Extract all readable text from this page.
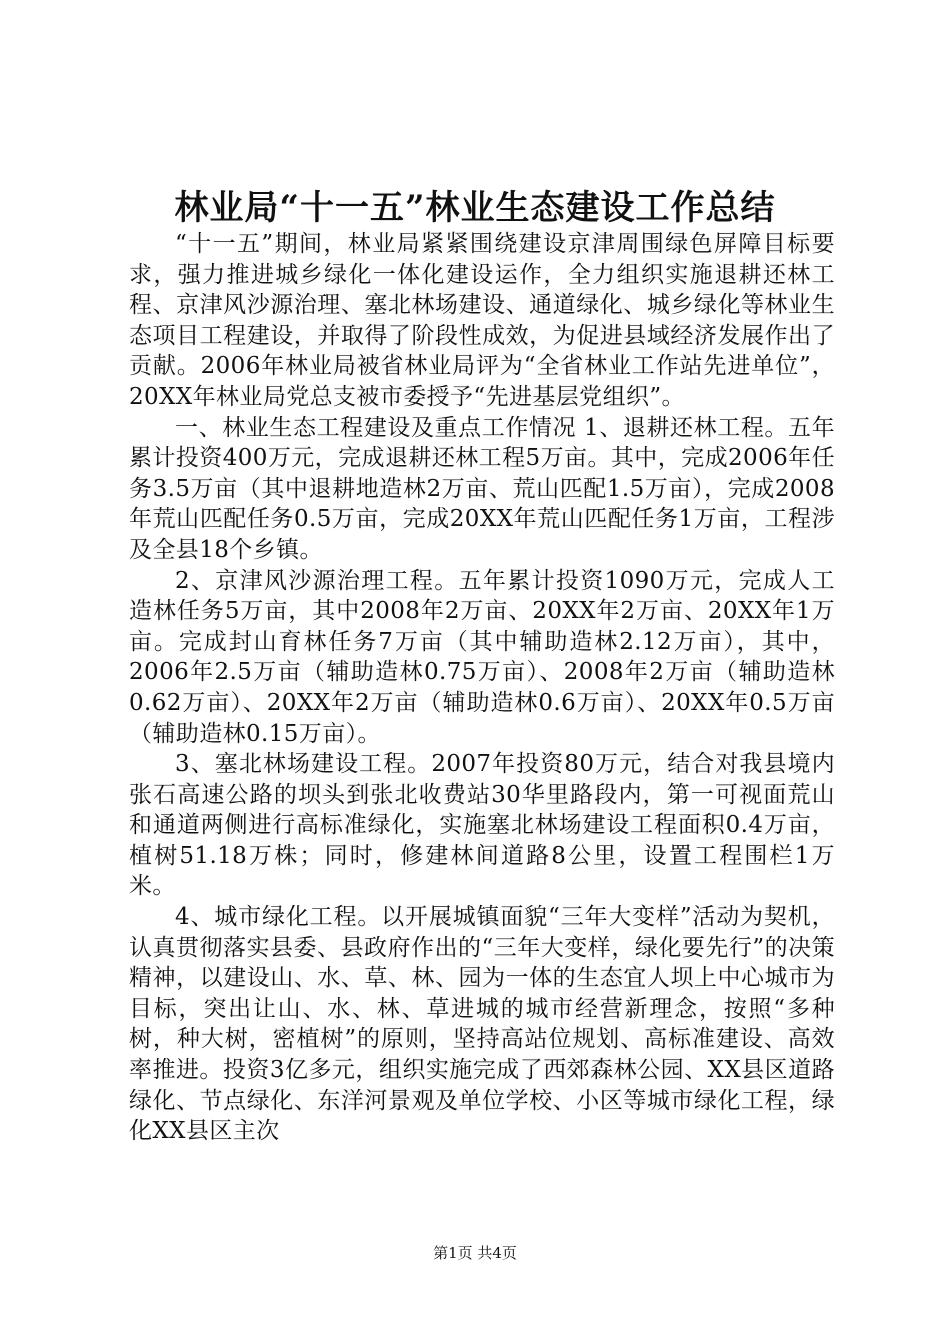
林业局“十一五”林业生态建设工作总结

“十一五”期间，林业局紧紧围绕建设京津周围绿色屏障目标要求，强力推进城乡绿化一体化建设运作，全力组织实施退耕还林工程、京津风沙源治理、塞北林场建设、通道绿化、城乡绿化等林业生态项目工程建设，并取得了阶段性成效，为促进县域经济发展作出了贡献。2006年林业局被省林业局评为“全省林业工作站先进单位”，20XX年林业局党总支被市委授予“先进基层党组织”。

一、林业生态工程建设及重点工作情况 1、退耕还林工程。五年累计投资400万元，完成退耕还林工程5万亩。其中，完成2006年任务3.5万亩（其中退耕地造林2万亩、荒山匹配1.5万亩），完成2008年荒山匹配任务0.5万亩，完成20XX年荒山匹配任务1万亩，工程涉及全县18个乡镇。

2、京津风沙源治理工程。五年累计投资1090万元，完成人工造林任务5万亩，其中2008年2万亩、20XX年2万亩、20XX年1万亩。完成封山育林任务7万亩（其中辅助造林2.12万亩），其中，2006年2.5万亩（辅助造林0.75万亩）、2008年2万亩（辅助造林0.62万亩）、20XX年2万亩（辅助造林0.6万亩）、20XX年0.5万亩（辅助造林0.15万亩）。

3、塞北林场建设工程。2007年投资80万元，结合对我县境内张石高速公路的坝头到张北收费站30华里路段内，第一可视面荒山和通道两侧进行高标准绿化，实施塞北林场建设工程面积0.4万亩，植树51.18万株；同时，修建林间道路8公里，设置工程围栏1万米。

4、城市绿化工程。以开展城镇面貌“三年大变样”活动为契机，认真贯彻落实县委、县政府作出的“三年大变样，绿化要先行”的决策精神，以建设山、水、草、林、园为一体的生态宜人坝上中心城市为目标，突出让山、水、林、草进城的城市经营新理念，按照“多种树，种大树，密植树”的原则，坚持高站位规划、高标准建设、高效率推进。投资3亿多元，组织实施完成了西郊森林公园、XX县区道路绿化、节点绿化、东洋河景观及单位学校、小区等城市绿化工程，绿化XX县区主次

第1页 共4页
